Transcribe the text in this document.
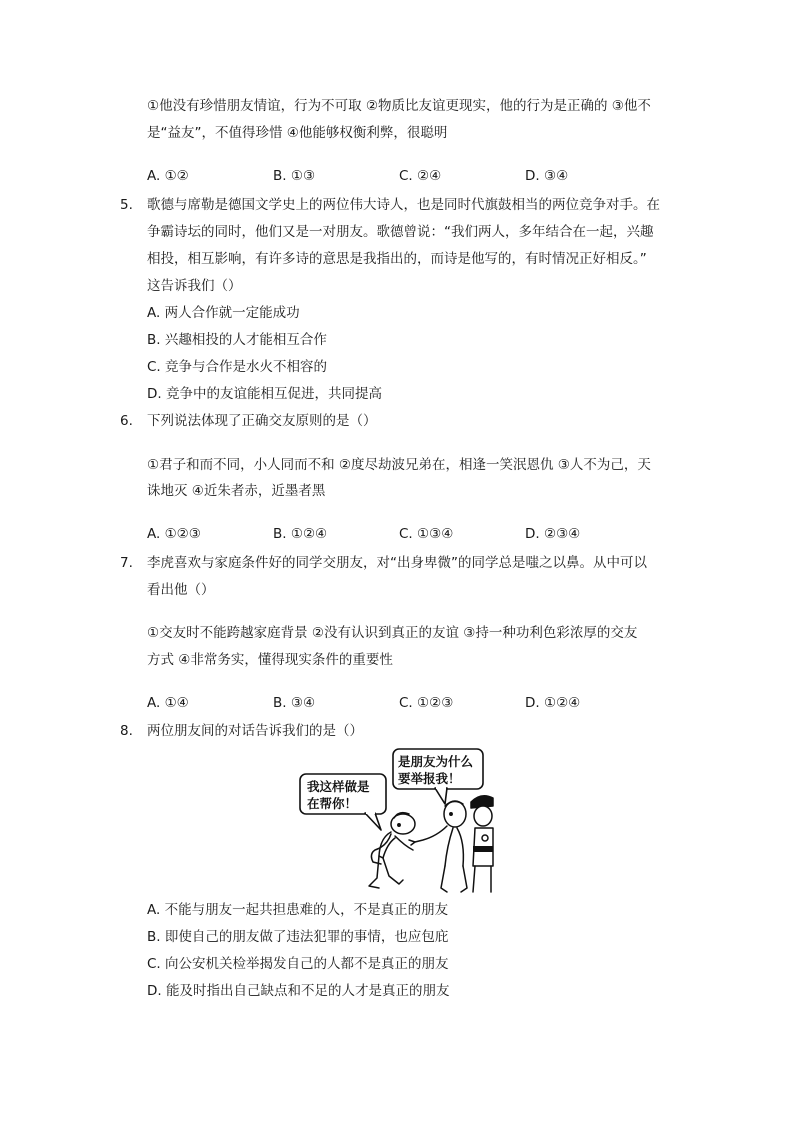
①他没有珍惜朋友情谊，行为不可取 ②物质比友谊更现实，他的行为是正确的 ③他不
是“益友”，不值得珍惜 ④他能够权衡利弊，很聪明
A. ①②	B. ①③	C. ②④	D. ③④
5. 歌德与席勒是德国文学史上的两位伟大诗人，也是同时代旗鼓相当的两位竞争对手。在
争霸诗坛的同时，他们又是一对朋友。歌德曾说：“我们两人，多年结合在一起，兴趣
相投，相互影响，有许多诗的意思是我指出的，而诗是他写的，有时情况正好相反。”
这告诉我们（）
A. 两人合作就一定能成功
B. 兴趣相投的人才能相互合作
C. 竞争与合作是水火不相容的
D. 竞争中的友谊能相互促进，共同提高
6. 下列说法体现了正确交友原则的是（）
①君子和而不同，小人同而不和 ②度尽劫波兄弟在，相逢一笑泯恩仇 ③人不为己，天
诛地灭 ④近朱者赤，近墨者黑
A. ①②③	B. ①②④	C. ①③④	D. ②③④
7. 李虎喜欢与家庭条件好的同学交朋友，对“出身卑微”的同学总是嗤之以鼻。从中可以
看出他（）
①交友时不能跨越家庭背景 ②没有认识到真正的友谊 ③持一种功利色彩浓厚的交友
方式 ④非常务实，懂得现实条件的重要性
A. ①④	B. ③④	C. ①②③	D. ①②④
8. 两位朋友间的对话告诉我们的是（）
我这样做是
在帮你！
是朋友为什么
要举报我！
A. 不能与朋友一起共担患难的人，不是真正的朋友
B. 即使自己的朋友做了违法犯罪的事情，也应包庇
C. 向公安机关检举揭发自己的人都不是真正的朋友
D. 能及时指出自己缺点和不足的人才是真正的朋友
